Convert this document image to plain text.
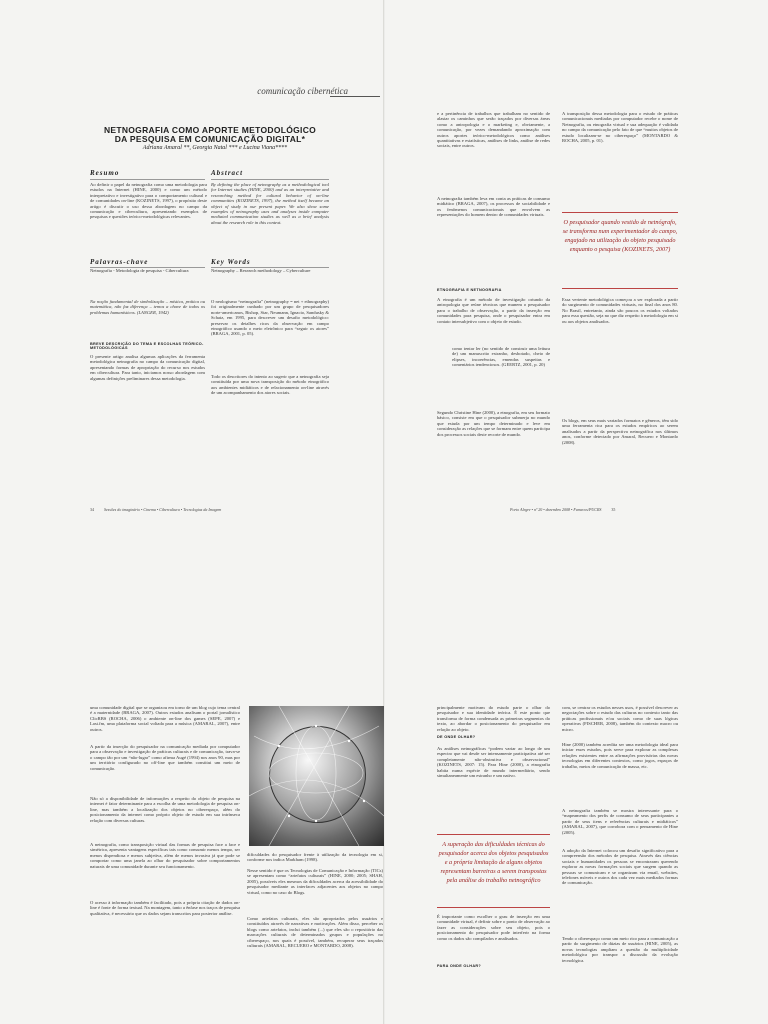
comunicação cibernética
NETNOGRAFIA COMO APORTE METODOLÓGICO DA PESQUISA EM COMUNICAÇÃO DIGITAL*
Adriana Amaral **, Georgia Natal *** e Lucina Viana****
Resumo
Ao definir o papel da netnografia como uma metodologia para estudos na Internet (HINE, 2000) e como um método interpretativo e investigativo para o comportamento cultural e de comunidades on-line (KOZINETS, 1997), o propósito deste artigo é discutir o uso dessa abordagem no campo da comunicação e cibercultura, apresentando exemplos de pesquisas e questões teórico-metodológicas relevantes.
Abstract
By defining the place of netnography as a methodological tool for Internet studies (HINE, 2000) and as an interpretative and researching method for cultural behavior of on-line communities (KOZINETS, 1997), the method itself became an object of study in our present paper. We also show some examples of netnography uses and analyses inside computer mediated communication studies as well as a brief analysis about the research role in this context.
Palavras-chave
Netnografia - Metodologia de pesquisa - Cibercultura
Key Words
Netnography – Research methodology – Cyberculture
Na noção fundamental de simbolização – mística, prática ou matemática, não faz diferença – temos a chave de todos os problemas humanísticos. (LANGER, 1942)
BREVE DESCRIÇÃO DO TEMA E ESCOLHAS TEÓRICO-METODOLÓGICAS
O presente artigo analisa algumas aplicações da ferramenta metodológica netnografia no campo da comunicação digital, apresentando formas de apropriação do recurso nos estudos em cibercultura. Para tanto, iniciamos nosso abordagem com algumas definições preliminares dessa metodologia.
O neologismo “netnografia” (netnography = net + ethnography) foi originalmente cunhado por um grupo de pesquisadores norte-americanos, Bishop, Star, Neumann, Ignacio, Sandusky & Schatz, em 1995, para descrever um desafio metodológico: preservar os detalhes ricos da observação em campo etnográfico usando o meio eletrônico para “seguir os atores” (BRAGA, 2001, p. 05).
Todo os descritores do intento ao sugerir que a netnografia seja constituída por uma nova transposição do método etnográfico aos ambientes midiáticos e de relacionamento on-line através de um acompanhamento dos atores sociais.
34	Sessões do imaginário • Cinema • Cibercultura • Tecnologias da Imagem
e a pertinência de trabalhos que trabalham no sentido de alastar os caminhos que serão traçados por diversas áreas como a antropologia e o marketing e, obviamente, a comunicação, por vezes demandando aproximação com outros aportes teórico-metodológicos como análises quantitativas e estatísticas, análises de links, análise de redes sociais, entre outros.
A netnografia também leva em conta as práticas de consumo midiático (BRAGA, 2007), os processos de sociabilidade e os fenômenos comunicacionais que envolvem as representações do homem dentro de comunidades virtuais.
ETNOGRAFIA E NETNOGRAFIA
A etnografia é um método de investigação oriundo da antropologia que reúne técnicas que munem o pesquisador para o trabalho de observação, a partir da inserção em comunidades para pesquisa, onde o pesquisador entra em contato intersubjetivo com o objeto de estudo.
como tentar ler (no sentido de construir uma leitura de) um manuscrito estranho, desbotado, cheio de elipses, incoerências, emendas suspeitas e comentários tendenciosos. (GEERTZ, 2001, p. 20)
Segundo Christine Hine (2000), a etnografia, em seu formato básico, consiste em que o pesquisador submerja no mundo que estuda por um tempo determinado e leve em consideração as relações que se formam entre quem participa dos processos sociais deste recorte de mundo.
A transposição dessa metodologia para o estudo de práticas comunicacionais mediadas por computador recebe o nome de Netnografia, ou etnografia virtual e sua adequação é validada no campo da comunicação pelo fato de que “muitos objetos de estudo localizam-se no ciberespaço” (MONTARDO & ROCHA, 2005, p. 01).
O pesquisador quando vestido de netnógrafo, se transforma num experimentador do campo, engajado na utilização do objeto pesquisado enquanto o pesquisa (KOZINETS, 2007)
Essa vertente metodológica começou a ser explorada a partir do surgimento de comunidades virtuais, no final dos anos 80. No Brasil, entretanto, ainda são poucos os estudos voltados para essa questão, seja no que diz respeito à metodologia em si ou aos objetos analisados.
Os blogs, em seus mais variados formatos e gêneros, têm sido uma ferramenta rica para os estudos empíricos ao serem analisados a partir da perspectiva netnográfica nos últimos anos, conforme detectado por Amaral, Recuero e Montardo (2008).
Porto Alegre • nº 20 • dezembro 2008 • Famecos/PUCRS	35
uma comunidade digital que se organizou em torno de um blog cujo tema central é a maternidade (BRAGA, 2007). Outros estudos analisam o portal jornalístico ClicRBS (ROCHA, 2006) o ambiente on-line dos games (SEPE, 2007) e Last.fm, uma plataforma social voltada para a música (AMARAL, 2007), entre outros.
A partir da inserção do pesquisador na comunicação mediada por computador para a observação e investigação de práticas culturais e de comunicação, trava-se o campo tão por um “não-lugar” como afirma Augé (1994) nos anos 90, mas por um território configurado no off-line que também constitui um meio de comunicação.
Não só a disponibilidade de informações a respeito do objeto de pesquisa na internet é fator determinante para a escolha de uma metodologia de pesquisa on-line, mas também a localização dos objetos no ciberespaço, além do posicionamento da internet como próprio objeto de estudo em sua intrínseca relação com diversas culturas.
A netnografia, como transposição virtual das formas de pesquisa face a face e simétrica, apresenta vantagens específicas tais como consumir menos tempo, ser menos dispendiosa e menos subjetiva, além de menos invasiva já que pode se comportar como uma janela ao olhar do pesquisador sobre comportamentos naturais de uma comunidade durante seu funcionamento.
O acesso à informação também é facilitado, pois a própria citação de dados on-line é fonte de forma textual. Na montagem, tanto a ênfase nos traços de pesquisa qualitativa, é necessário que os dados sejam transcritos para posterior análise.
dificuldades do pesquisador frente à utilização da tecnologia em si, conforme nos indica Markham (1998).
Nesse sentido é que os Tecnologias de Comunicação e Informação (TICs) se apresentam como “artefatos culturais” (HINE, 2000; 2005; SHAH, 2005), possíveis eles mesmos da dificuldades acerca da acessibilidade do pesquisador mediante as interfaces adjacentes aos objetos no campo virtual, como no caso do Blogs.
Como artefatos culturais, eles são apropriados pelos usuários e constituídos através de narrativas e motivações. Além disso, perceber os blogs como artefatos, inclui também (...) que eles são o repositório das marcações culturais de determinados grupos e populações no ciberespaço, nos quais é possível, também, recuperar seus traçados culturais (AMARAL, RECUERO e MONTARDO, 2008).
principalmente motivam do estudo parte o olhar do pesquisador e sua identidade teórica. É este ponto que transforma de forma condensada as primeiras segmentos do texto, ao abordar o posicionamento do pesquisador em relação ao objeto.
DE ONDE OLHAR?
As análises netnográficas “podem variar ao longo de um espectro que vai desde ser intensamente participativa até ser completamente não-obstrutiva e observacional” (KOZINETS, 2007: 15). Para Hine (2000), a etnografia habita numa espécie de mundo intermediário, sendo simultaneamente um estranho e um nativo.
A superação das dificuldades técnicas do pesquisador acerca dos objetos pesquisados e a própria limitação de alguns objetos representam barreiras a serem transpostas pela análise do trabalho netnográfico
É importante como escolher o grau de inserção em uma comunidade virtual, é definir sobre o ponto de observação ao fazer as considerações sobre seu objeto, pois o posicionamento do pesquisador pode interferir na forma como os dados são compilados e analisados.
PARA ONDE OLHAR?
com, se centrar os estudos nesses usos, é possível descrever as negociações sobre o estudo das culturas no contexto tanto das práticas profissionais e/ou sociais como de suas lógicas operativas (FISCHER, 2008), também do contexto macro ou micro.
Hine (2000) também acredita ser uma metodologia ideal para iniciar esses estudos, pois serve para explorar as complexas relações existentes entre as afirmações provisórias das novas tecnologias em diferentes contextos, como jogos, espaços de trabalho, meios de comunicação de massa, etc.
A netnografia também se mostra interessante para o “mapeamento dos perfis de consumo de seus participantes a partir de seus itens e referências culturais e midiáticos” (AMARAL, 2007), que corrobora com o pensamento de Hine (2005).
A adoção da Internet colocou um desafio significativo para a compreensão dos métodos de pesquisa. Através das ciências sociais e humanidades os pessoas se encontraram querendo explorar as novas formações sociais que surgem quando as pessoas se comunicam e se organizam via email, websites, telefones móveis e outros dos cada vez mais mediados formas de comunicação.
Tendo o ciberespaço como um meio rico para a comunicação a partir do surgimento de dúzias de usuários (HINE, 2005), as novas tecnologias ampliam a questão da multiplicidade metodológica por transpor a discussão da evolução tecnológica.
